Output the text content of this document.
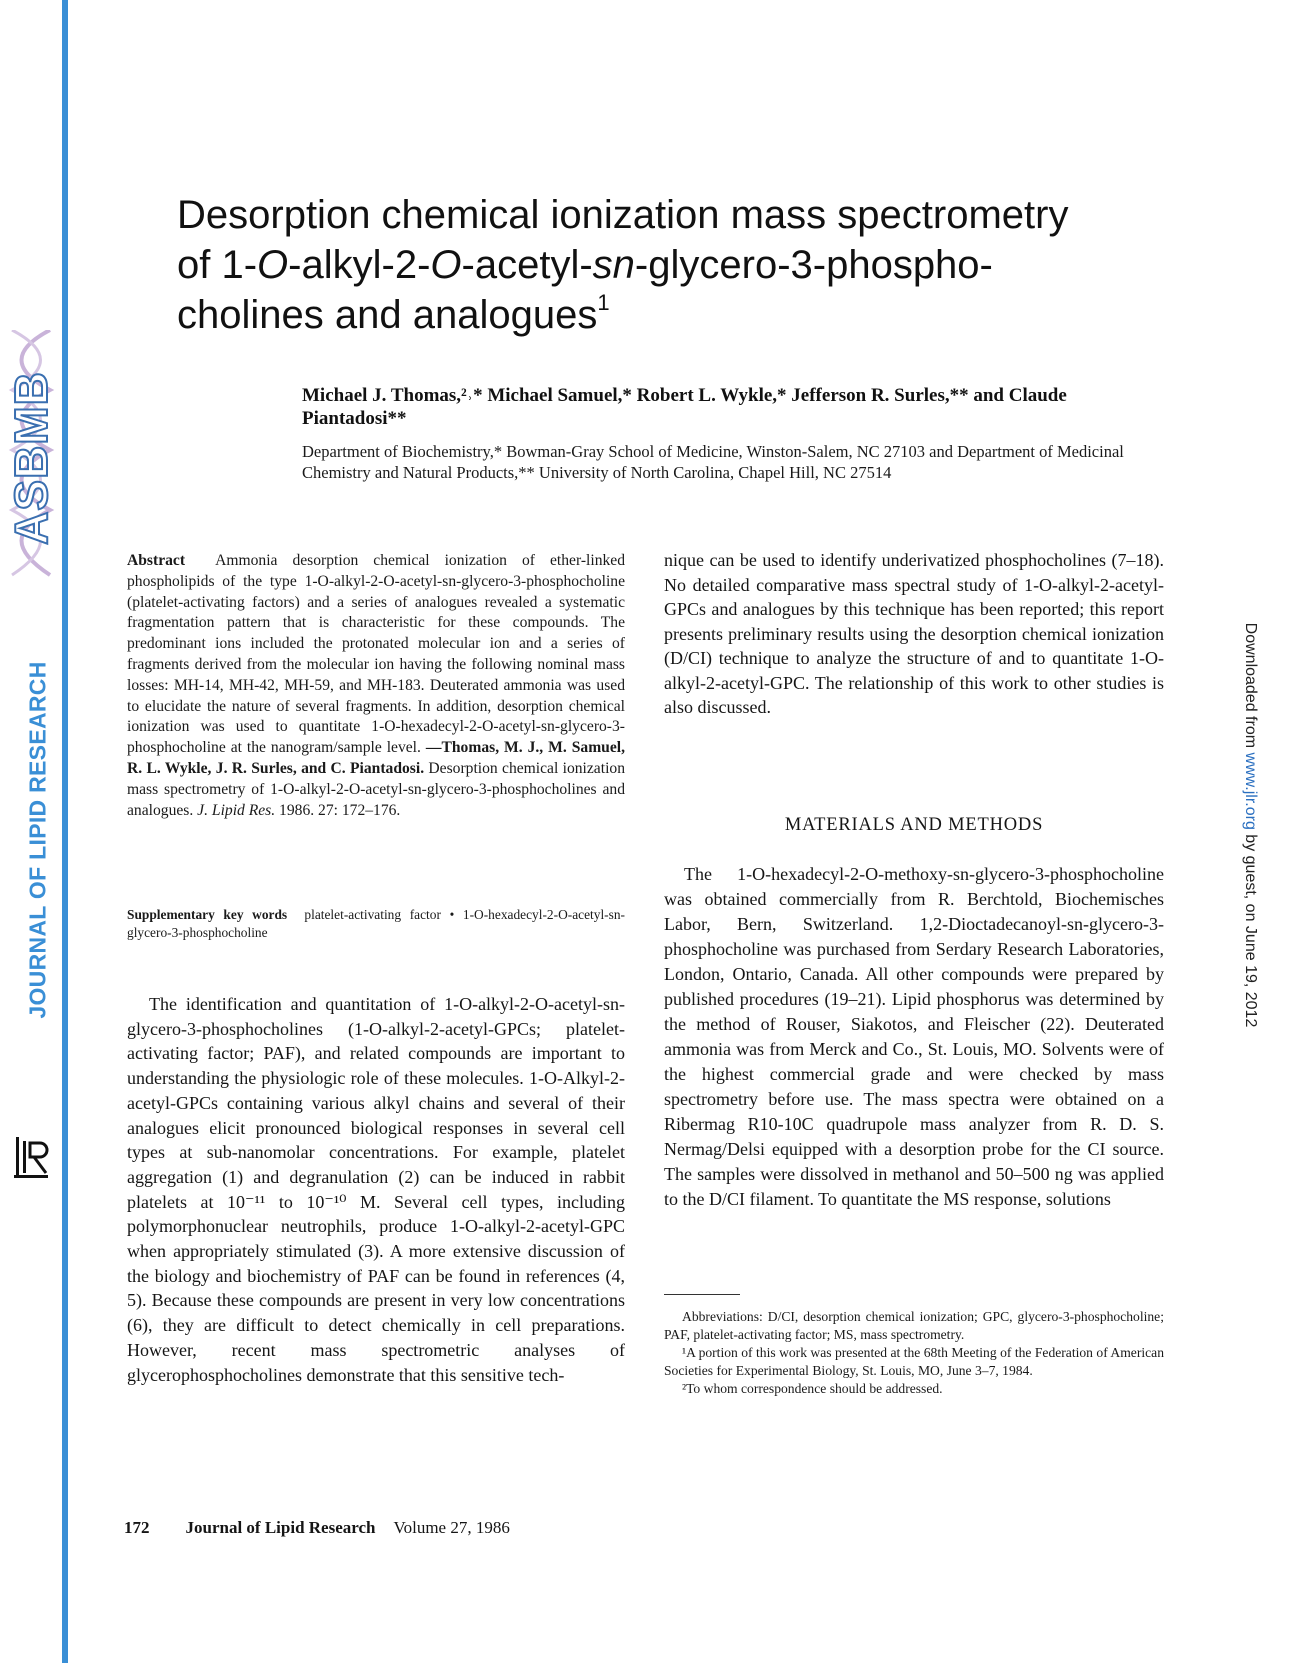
ASBMB
JOURNAL OF LIPID RESEARCH	Downloaded from www.jlr.org by guest, on June 19, 2012
Desorption chemical ionization mass spectrometry
of 1-O-alkyl-2-O-acetyl-sn-glycero-3-phospho-
cholines and analogues$^1$
Michael J. Thomas,²˒* Michael Samuel,* Robert L. Wykle,* Jefferson R. Surles,** and Claude Piantadosi**
Department of Biochemistry,* Bowman-Gray School of Medicine, Winston-Salem, NC 27103 and Department of Medicinal Chemistry and Natural Products,** University of North Carolina, Chapel Hill, NC 27514
Abstract Ammonia desorption chemical ionization of ether-linked phospholipids of the type 1-O-alkyl-2-O-acetyl-sn-glycero-3-phosphocholine (platelet-activating factors) and a series of analogues revealed a systematic fragmentation pattern that is characteristic for these compounds. The predominant ions included the protonated molecular ion and a series of fragments derived from the molecular ion having the following nominal mass losses: MH-14, MH-42, MH-59, and MH-183. Deuterated ammonia was used to elucidate the nature of several fragments. In addition, desorption chemical ionization was used to quantitate 1-O-hexadecyl-2-O-acetyl-sn-glycero-3-phosphocholine at the nanogram/sample level. —Thomas, M. J., M. Samuel, R. L. Wykle, J. R. Surles, and C. Piantadosi. Desorption chemical ionization mass spectrometry of 1-O-alkyl-2-O-acetyl-sn-glycero-3-phosphocholines and analogues. J. Lipid Res. 1986. 27: 172–176.
Supplementary key words platelet-activating factor • 1-O-hexadecyl-2-O-acetyl-sn-glycero-3-phosphocholine
The identification and quantitation of 1-O-alkyl-2-O-acetyl-sn-glycero-3-phosphocholines (1-O-alkyl-2-acetyl-GPCs; platelet-activating factor; PAF), and related compounds are important to understanding the physiologic role of these molecules. 1-O-Alkyl-2-acetyl-GPCs containing various alkyl chains and several of their analogues elicit pronounced biological responses in several cell types at sub-nanomolar concentrations. For example, platelet aggregation (1) and degranulation (2) can be induced in rabbit platelets at 10⁻¹¹ to 10⁻¹⁰ M. Several cell types, including polymorphonuclear neutrophils, produce 1-O-alkyl-2-acetyl-GPC when appropriately stimulated (3). A more extensive discussion of the biology and biochemistry of PAF can be found in references (4, 5). Because these compounds are present in very low concentrations (6), they are difficult to detect chemically in cell preparations. However, recent mass spectrometric analyses of glycerophosphocholines demonstrate that this sensitive tech-
nique can be used to identify underivatized phosphocholines (7–18). No detailed comparative mass spectral study of 1-O-alkyl-2-acetyl-GPCs and analogues by this technique has been reported; this report presents preliminary results using the desorption chemical ionization (D/CI) technique to analyze the structure of and to quantitate 1-O-alkyl-2-acetyl-GPC. The relationship of this work to other studies is also discussed.
MATERIALS AND METHODS
The 1-O-hexadecyl-2-O-methoxy-sn-glycero-3-phosphocholine was obtained commercially from R. Berchtold, Biochemisches Labor, Bern, Switzerland. 1,2-Dioctadecanoyl-sn-glycero-3-phosphocholine was purchased from Serdary Research Laboratories, London, Ontario, Canada. All other compounds were prepared by published procedures (19–21). Lipid phosphorus was determined by the method of Rouser, Siakotos, and Fleischer (22). Deuterated ammonia was from Merck and Co., St. Louis, MO. Solvents were of the highest commercial grade and were checked by mass spectrometry before use. The mass spectra were obtained on a Ribermag R10-10C quadrupole mass analyzer from R. D. S. Nermag/Delsi equipped with a desorption probe for the CI source. The samples were dissolved in methanol and 50–500 ng was applied to the D/CI filament. To quantitate the MS response, solutions

Abbreviations: D/CI, desorption chemical ionization; GPC, glycero-3-phosphocholine; PAF, platelet-activating factor; MS, mass spectrometry.

¹A portion of this work was presented at the 68th Meeting of the Federation of American Societies for Experimental Biology, St. Louis, MO, June 3–7, 1984.

²To whom correspondence should be addressed.

172 Journal of Lipid Research Volume 27, 1986
